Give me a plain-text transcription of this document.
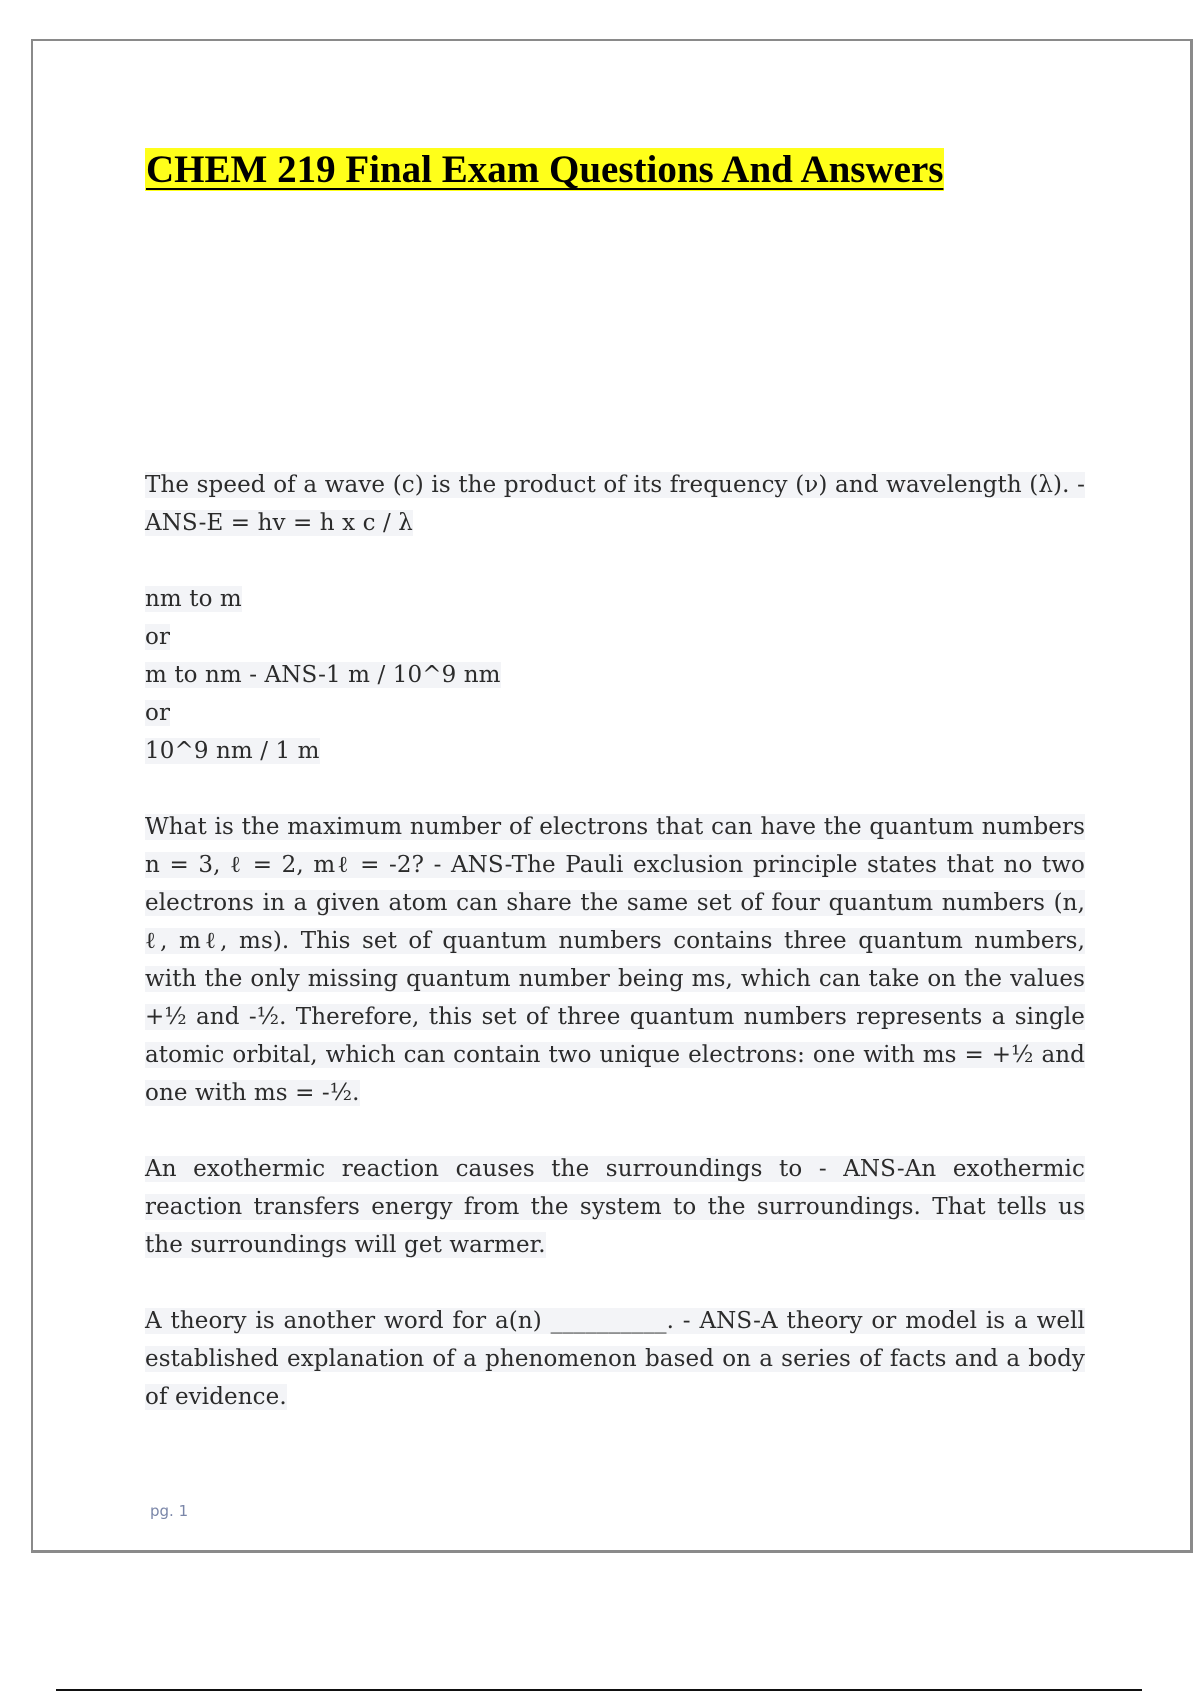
CHEM 219 Final Exam Questions And Answers

The speed of a wave (c) is the product of its frequency (ν) and wavelength (λ). - ANS-E = hv = h x c / λ

nm to m
or
m to nm - ANS-1 m / 10^9 nm
or
10^9 nm / 1 m

What is the maximum number of electrons that can have the quantum numbers n = 3, ℓ = 2, mℓ = -2? - ANS-The Pauli exclusion principle states that no two electrons in a given atom can share the same set of four quantum numbers (n, ℓ, mℓ, ms). This set of quantum numbers contains three quantum numbers, with the only missing quantum number being ms, which can take on the values +½ and -½. Therefore, this set of three quantum numbers represents a single atomic orbital, which can contain two unique electrons: one with ms = +½ and one with ms = -½.

An exothermic reaction causes the surroundings to - ANS-An exothermic reaction transfers energy from the system to the surroundings. That tells us the surroundings will get warmer.

A theory is another word for a(n) __________. - ANS-A theory or model is a well established explanation of a phenomenon based on a series of facts and a body of evidence.

pg. 1
